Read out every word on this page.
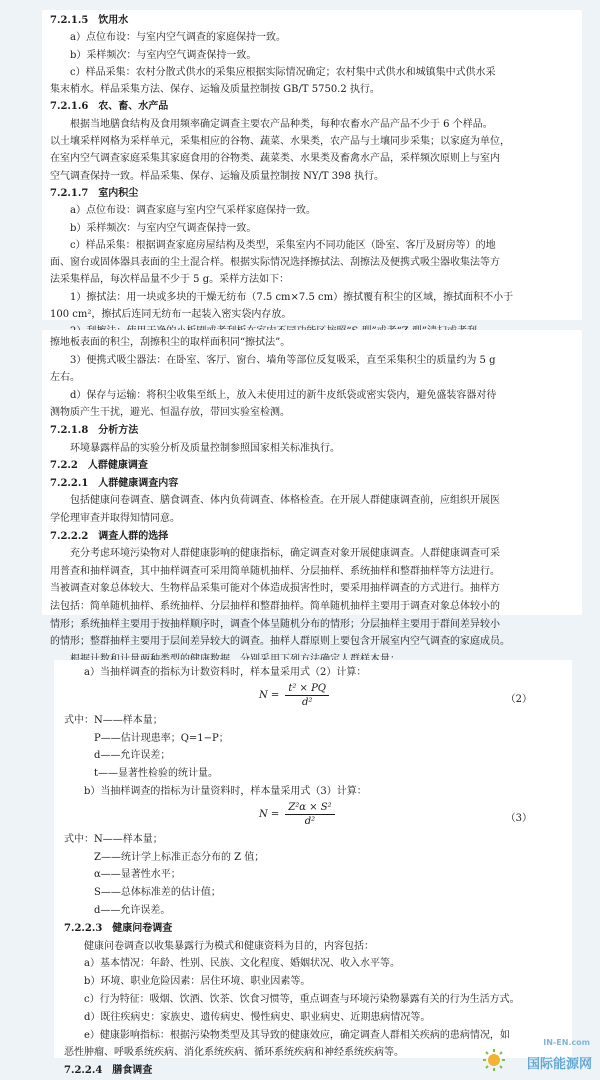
7.2.1.5　饮用水
a）点位布设：与室内空气调查的家庭保持一致。
b）采样频次：与室内空气调查保持一致。
c）样品采集：农村分散式供水的采集应根据实际情况确定；农村集中式供水和城镇集中式供水采
集末梢水。样品采集方法、保存、运输及质量控制按 GB/T 5750.2 执行。
7.2.1.6　农、畜、水产品
根据当地膳食结构及食用频率确定调查主要农产品种类，每种农畜水产品产品不少于 6 个样品。
以土壤采样网格为采样单元，采集相应的谷物、蔬菜、水果类，农产品与土壤同步采集；以家庭为单位，
在室内空气调查家庭采集其家庭食用的谷物类、蔬菜类、水果类及畜禽水产品，采样频次原则上与室内
空气调查保持一致。样品采集、保存、运输及质量控制按 NY/T 398 执行。
7.2.1.7　室内积尘
a）点位布设：调查家庭与室内空气采样家庭保持一致。
b）采样频次：与室内空气调查保持一致。
c）样品采集：根据调查家庭房屋结构及类型，采集室内不同功能区（卧室、客厅及厨房等）的地
面、窗台或固体器具表面的尘土混合样。根据实际情况选择擦拭法、刮擦法及便携式吸尘器收集法等方
法采集样品，每次样品量不少于 5 g。采样方法如下：
1）擦拭法：用一块或多块的干燥无纺布（7.5 cm×7.5 cm）擦拭覆有积尘的区域，擦拭面积不小于
100 cm²，擦拭后连同无纺布一起装入密实袋内存放。
擦地板表面的积尘，刮擦积尘的取样面积同“擦拭法”。
3）便携式吸尘器法：在卧室、客厅、窗台、墙角等部位反复吸采，直至采集积尘的质量约为 5 g
左右。
d）保存与运输：将积尘收集至纸上，放入未使用过的新牛皮纸袋或密实袋内，避免盛装容器对待
测物质产生干扰，避光、恒温存放，带回实验室检测。
7.2.1.8　分析方法
环境暴露样品的实验分析及质量控制参照国家相关标准执行。
7.2.2　人群健康调查
7.2.2.1　人群健康调查内容
包括健康问卷调查、膳食调查、体内负荷调查、体格检查。在开展人群健康调查前，应组织开展医
学伦理审查并取得知情同意。
7.2.2.2　调查人群的选择
充分考虑环境污染物对人群健康影响的健康指标，确定调查对象开展健康调查。人群健康调查可采
用普查和抽样调查，其中抽样调查可采用简单随机抽样、分层抽样、系统抽样和整群抽样等方法进行。
当被调查对象总体较大、生物样品采集可能对个体造成损害性时，要采用抽样调查的方式进行。抽样方
法包括：简单随机抽样、系统抽样、分层抽样和整群抽样。简单随机抽样主要用于调查对象总体较小的
情形；系统抽样主要用于按抽样顺序时，调查个体呈随机分布的情形；分层抽样主要用于群间差异较小
的情形；整群抽样主要用于层间差异较大的调查。抽样人群原则上要包含开展室内空气调查的家庭成员。
a）当抽样调查的指标为计数资料时，样本量采用式（2）计算：
$N = \frac{\text{t² × PQ}}{\text{d²}}$	（2）
式中：N——样本量；
　　　P——估计现患率；Q=1−P；
　　　d——允许误差；
　　　t——显著性检验的统计量。
b）当抽样调查的指标为计量资料时，样本量采用式（3）计算：
$N = \frac{\text{Z²α × S²}}{\text{d²}}$	（3）
式中：N——样本量；
　　　Z——统计学上标准正态分布的 Z 值；
　　　α——显著性水平；
　　　S——总体标准差的估计值；
　　　d——允许误差。
7.2.2.3　健康问卷调查
健康问卷调查以收集暴露行为模式和健康资料为目的，内容包括：
a）基本情况：年龄、性别、民族、文化程度、婚姻状况、收入水平等。
b）环境、职业危险因素：居住环境、职业因素等。
c）行为特征：吸烟、饮酒、饮茶、饮食习惯等，重点调查与环境污染物暴露有关的行为生活方式。
d）既往疾病史：家族史、遗传病史、慢性病史、职业病史、近期患病情况等。
e）健康影响指标：根据污染物类型及其导致的健康效应，确定调查人群相关疾病的患病情况，如
恶性肿瘤、呼吸系统疾病、消化系统疾病、循环系统疾病和神经系统疾病等。
7.2.2.4　膳食调查
IN-EN.com
国际能源网
